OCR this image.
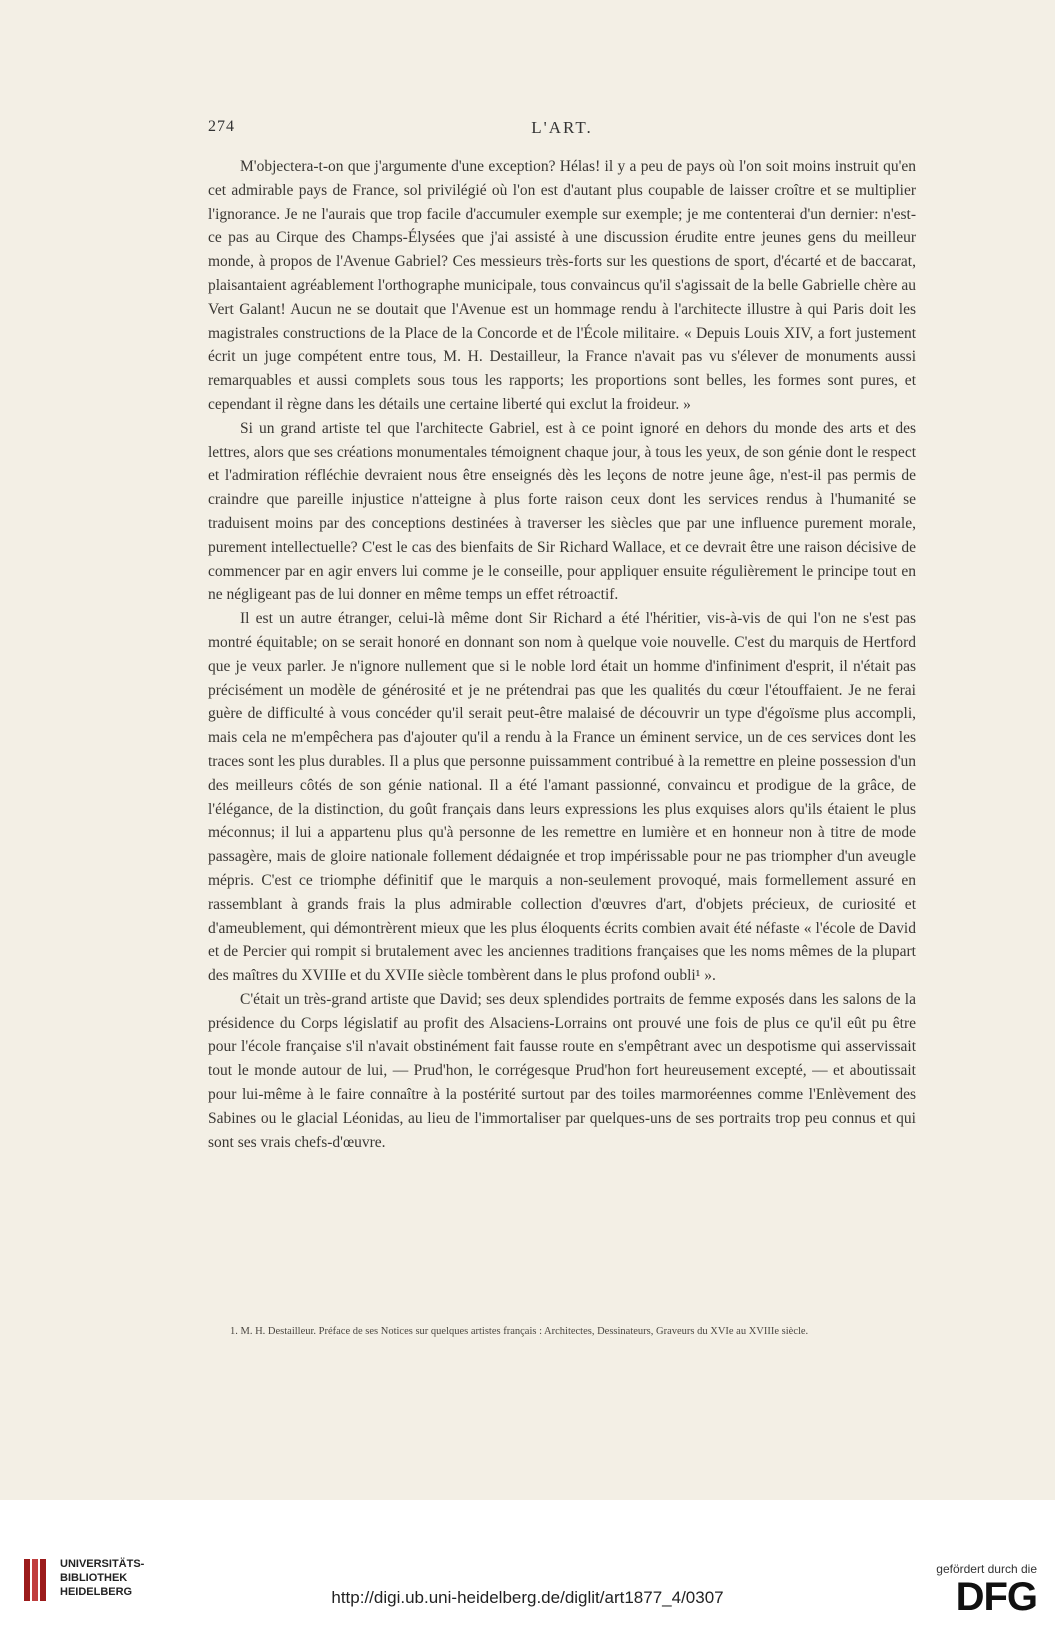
274	L'ART.

M'objectera-t-on que j'argumente d'une exception? Hélas! il y a peu de pays où l'on soit moins instruit qu'en cet admirable pays de France, sol privilégié où l'on est d'autant plus coupable de laisser croître et se multiplier l'ignorance. Je ne l'aurais que trop facile d'accumuler exemple sur exemple; je me contenterai d'un dernier: n'est-ce pas au Cirque des Champs-Élysées que j'ai assisté à une discussion érudite entre jeunes gens du meilleur monde, à propos de l'Avenue Gabriel? Ces messieurs très-forts sur les questions de sport, d'écarté et de baccarat, plaisantaient agréablement l'orthographe municipale, tous convaincus qu'il s'agissait de la belle Gabrielle chère au Vert Galant! Aucun ne se doutait que l'Avenue est un hommage rendu à l'architecte illustre à qui Paris doit les magistrales constructions de la Place de la Concorde et de l'École militaire. « Depuis Louis XIV, a fort justement écrit un juge compétent entre tous, M. H. Destailleur, la France n'avait pas vu s'élever de monuments aussi remarquables et aussi complets sous tous les rapports; les proportions sont belles, les formes sont pures, et cependant il règne dans les détails une certaine liberté qui exclut la froideur. »

Si un grand artiste tel que l'architecte Gabriel, est à ce point ignoré en dehors du monde des arts et des lettres, alors que ses créations monumentales témoignent chaque jour, à tous les yeux, de son génie dont le respect et l'admiration réfléchie devraient nous être enseignés dès les leçons de notre jeune âge, n'est-il pas permis de craindre que pareille injustice n'atteigne à plus forte raison ceux dont les services rendus à l'humanité se traduisent moins par des conceptions destinées à traverser les siècles que par une influence purement morale, purement intellectuelle? C'est le cas des bienfaits de Sir Richard Wallace, et ce devrait être une raison décisive de commencer par en agir envers lui comme je le conseille, pour appliquer ensuite régulièrement le principe tout en ne négligeant pas de lui donner en même temps un effet rétroactif.

Il est un autre étranger, celui-là même dont Sir Richard a été l'héritier, vis-à-vis de qui l'on ne s'est pas montré équitable; on se serait honoré en donnant son nom à quelque voie nouvelle. C'est du marquis de Hertford que je veux parler. Je n'ignore nullement que si le noble lord était un homme d'infiniment d'esprit, il n'était pas précisément un modèle de générosité et je ne prétendrai pas que les qualités du cœur l'étouffaient. Je ne ferai guère de difficulté à vous concéder qu'il serait peut-être malaisé de découvrir un type d'égoïsme plus accompli, mais cela ne m'empêchera pas d'ajouter qu'il a rendu à la France un éminent service, un de ces services dont les traces sont les plus durables. Il a plus que personne puissamment contribué à la remettre en pleine possession d'un des meilleurs côtés de son génie national. Il a été l'amant passionné, convaincu et prodigue de la grâce, de l'élégance, de la distinction, du goût français dans leurs expressions les plus exquises alors qu'ils étaient le plus méconnus; il lui a appartenu plus qu'à personne de les remettre en lumière et en honneur non à titre de mode passagère, mais de gloire nationale follement dédaignée et trop impérissable pour ne pas triompher d'un aveugle mépris. C'est ce triomphe définitif que le marquis a non-seulement provoqué, mais formellement assuré en rassemblant à grands frais la plus admirable collection d'œuvres d'art, d'objets précieux, de curiosité et d'ameublement, qui démontrèrent mieux que les plus éloquents écrits combien avait été néfaste « l'école de David et de Percier qui rompit si brutalement avec les anciennes traditions françaises que les noms mêmes de la plupart des maîtres du XVIIIe et du XVIIe siècle tombèrent dans le plus profond oubli¹ ».

C'était un très-grand artiste que David; ses deux splendides portraits de femme exposés dans les salons de la présidence du Corps législatif au profit des Alsaciens-Lorrains ont prouvé une fois de plus ce qu'il eût pu être pour l'école française s'il n'avait obstinément fait fausse route en s'empêtrant avec un despotisme qui asservissait tout le monde autour de lui, — Prud'hon, le corrégesque Prud'hon fort heureusement excepté, — et aboutissait pour lui-même à le faire connaître à la postérité surtout par des toiles marmoréennes comme l'Enlèvement des Sabines ou le glacial Léonidas, au lieu de l'immortaliser par quelques-uns de ses portraits trop peu connus et qui sont ses vrais chefs-d'œuvre.

1. M. H. Destailleur. Préface de ses Notices sur quelques artistes français : Architectes, Dessinateurs, Graveurs du XVIe au XVIIIe siècle.
UNIVERSITÄTS-
BIBLIOTHEK
HEIDELBERG	http://digi.ub.uni-heidelberg.de/diglit/art1877_4/0307
gefördert durch die
DFG
